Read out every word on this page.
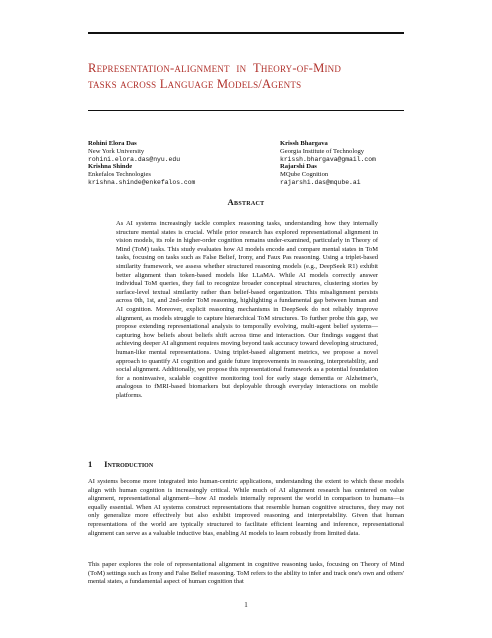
Representation-alignment in Theory-of-Mind
tasks across Language Models/Agents
Rohini Elora Das
New York University
rohini.elora.das@nyu.edu
Krissh Bhargava
Georgia Institute of Technology
krissh.bhargava@gmail.com
Krishna Shinde
Enkefalos Technologies
krishna.shinde@enkefalos.com
Rajarshi Das
MQube Cognition
rajarshi.das@mqube.ai
Abstract
As AI systems increasingly tackle complex reasoning tasks, understanding how they internally structure mental states is crucial. While prior research has explored representational alignment in vision models, its role in higher-order cognition remains under-examined, particularly in Theory of Mind (ToM) tasks. This study evaluates how AI models encode and compare mental states in ToM tasks, focusing on tasks such as False Belief, Irony, and Faux Pas reasoning. Using a triplet-based similarity framework, we assess whether structured reasoning models (e.g., DeepSeek R1) exhibit better alignment than token-based models like LLaMA. While AI models correctly answer individual ToM queries, they fail to recognize broader conceptual structures, clustering stories by surface-level textual similarity rather than belief-based organization. This misalignment persists across 0th, 1st, and 2nd-order ToM reasoning, highlighting a fundamental gap between human and AI cognition. Moreover, explicit reasoning mechanisms in DeepSeek do not reliably improve alignment, as models struggle to capture hierarchical ToM structures. To further probe this gap, we propose extending representational analysis to temporally evolving, multi-agent belief systems—capturing how beliefs about beliefs shift across time and interaction. Our findings suggest that achieving deeper AI alignment requires moving beyond task accuracy toward developing structured, human-like mental representations. Using triplet-based alignment metrics, we propose a novel approach to quantify AI cognition and guide future improvements in reasoning, interpretability, and social alignment. Additionally, we propose this representational framework as a potential foundation for a noninvasive, scalable cognitive monitoring tool for early stage dementia or Alzheimer's, analogous to fMRI-based biomarkers but deployable through everyday interactions on mobile platforms.
1 Introduction

AI systems become more integrated into human-centric applications, understanding the extent to which these models align with human cognition is increasingly critical. While much of AI alignment research has centered on value alignment, representational alignment—how AI models internally represent the world in comparison to humans—is equally essential. When AI systems construct representations that resemble human cognitive structures, they may not only generalize more effectively but also exhibit improved reasoning and interpretability. Given that human representations of the world are typically structured to facilitate efficient learning and inference, representational alignment can serve as a valuable inductive bias, enabling AI models to learn robustly from limited data.

This paper explores the role of representational alignment in cognitive reasoning tasks, focusing on Theory of Mind (ToM) settings such as Irony and False Belief reasoning. ToM refers to the ability to infer and track one's own and others' mental states, a fundamental aspect of human cognition that

1
